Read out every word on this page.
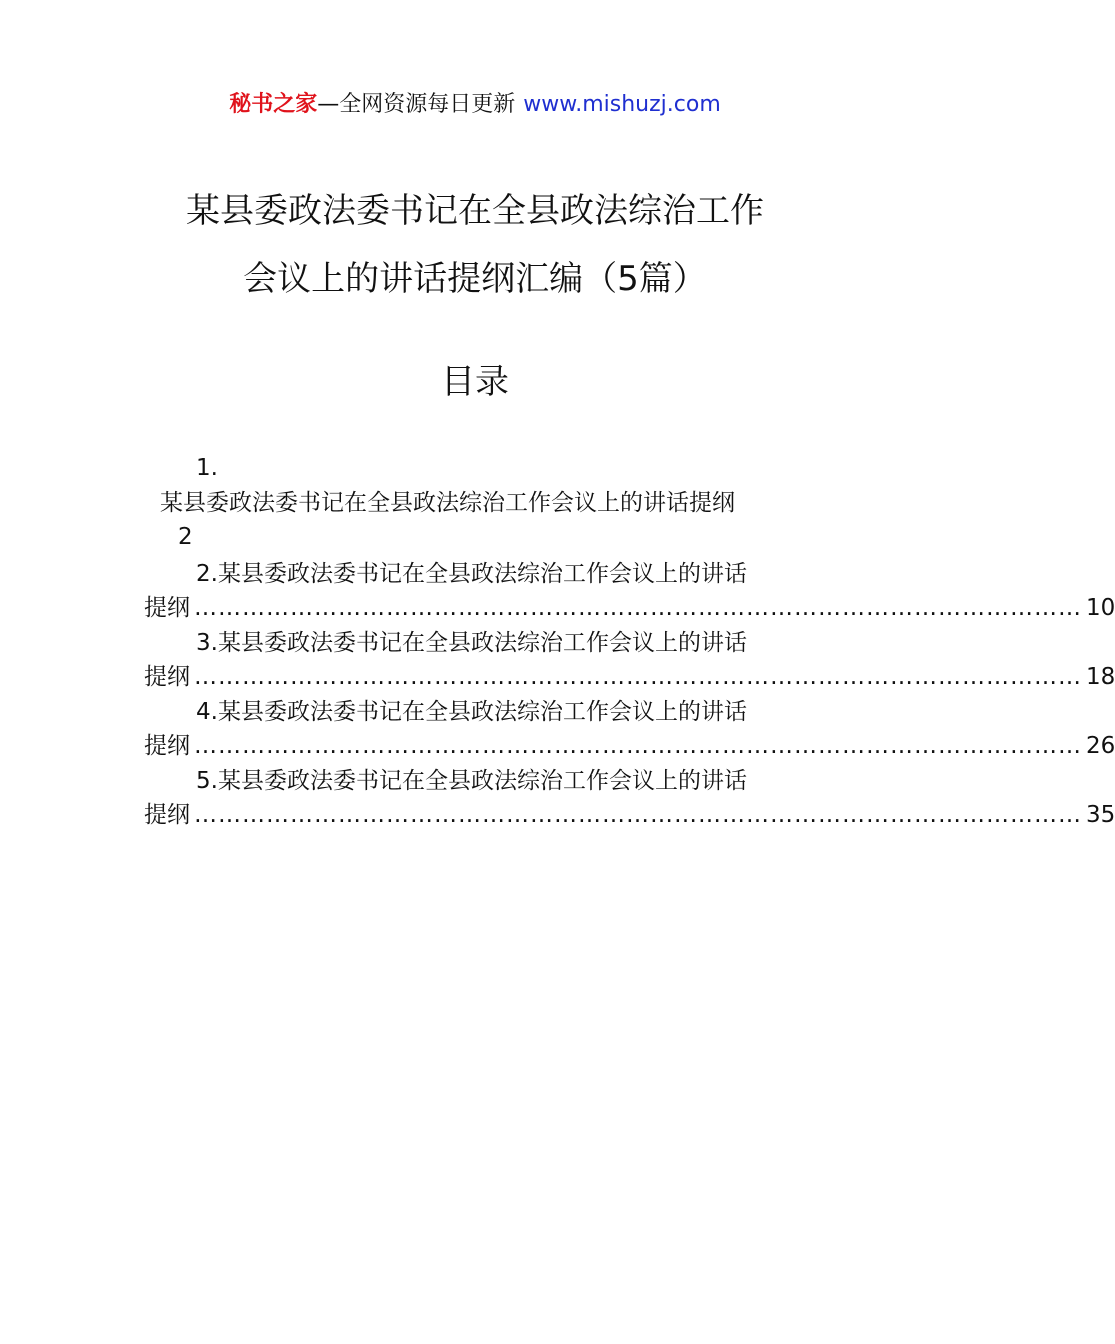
秘书之家—全网资源每日更新 www.mishuzj.com
某县委政法委书记在全县政法综治工作
会议上的讲话提纲汇编（5篇）
目录
1.
某县委政法委书记在全县政法综治工作会议上的讲话提纲
2
2.某县委政法委书记在全县政法综治工作会议上的讲话
提纲 ………………………………………………………………………………………………… 10
3.某县委政法委书记在全县政法综治工作会议上的讲话
提纲 ………………………………………………………………………………………………… 18
4.某县委政法委书记在全县政法综治工作会议上的讲话
提纲 ………………………………………………………………………………………………… 26
5.某县委政法委书记在全县政法综治工作会议上的讲话
提纲 ………………………………………………………………………………………………… 35
